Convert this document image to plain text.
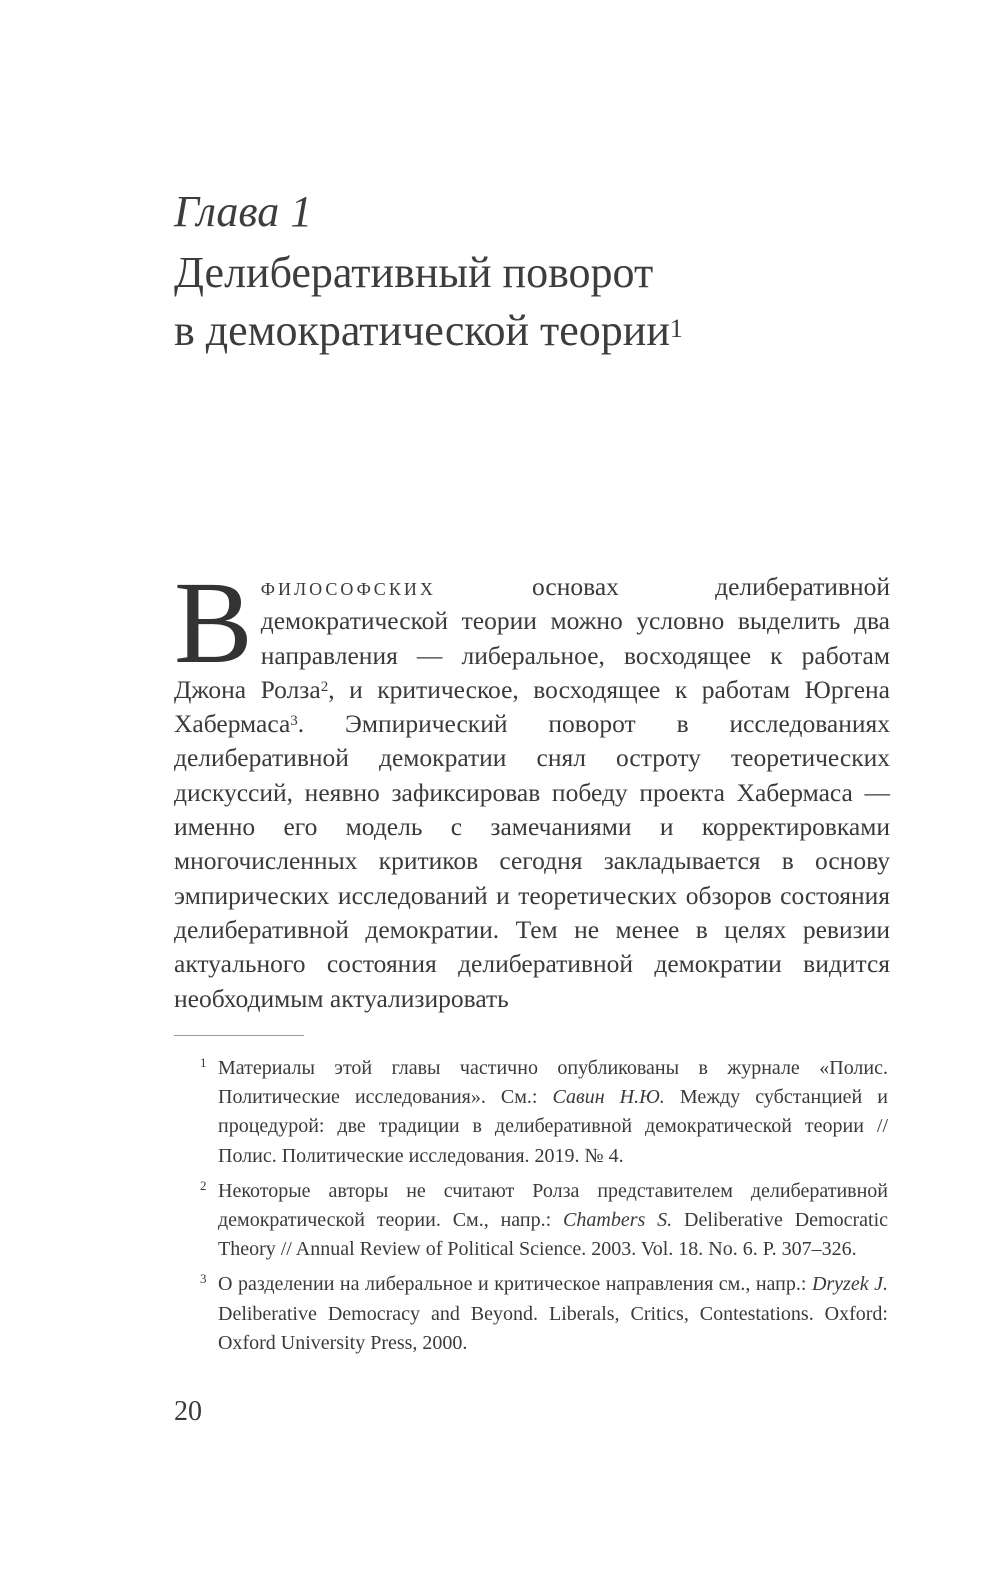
Глава 1
Делиберативный поворот
в демократической теории$^1$
Вфилософских основах делиберативной демократической теории можно условно выделить два направления — либеральное, восходящее к работам Джона Ролза$^2$, и критическое, восходящее к работам Юргена Хабермаса$^3$. Эмпирический поворот в исследованиях делиберативной демократии снял остроту теоретических дискуссий, неявно зафиксировав победу проекта Хабермаса — именно его модель с замечаниями и корректировками многочисленных критиков сегодня закладывается в основу эмпирических исследований и теоретических обзоров состояния делиберативной демократии. Тем не менее в целях ревизии актуального состояния делиберативной демократии видится необходимым актуализировать
1 Материалы этой главы частично опубликованы в журнале «Полис. Политические исследования». См.: Савин Н.Ю. Между субстанцией и процедурой: две традиции в делиберативной демократической теории // Полис. Политические исследования. 2019. № 4.
2 Некоторые авторы не считают Ролза представителем делиберативной демократической теории. См., напр.: Chambers S. Deliberative Democratic Theory // Annual Review of Political Science. 2003. Vol. 18. No. 6. P. 307–326.
3 О разделении на либеральное и критическое направления см., напр.: Dryzek J. Deliberative Democracy and Beyond. Liberals, Critics, Contestations. Oxford: Oxford University Press, 2000.
20
